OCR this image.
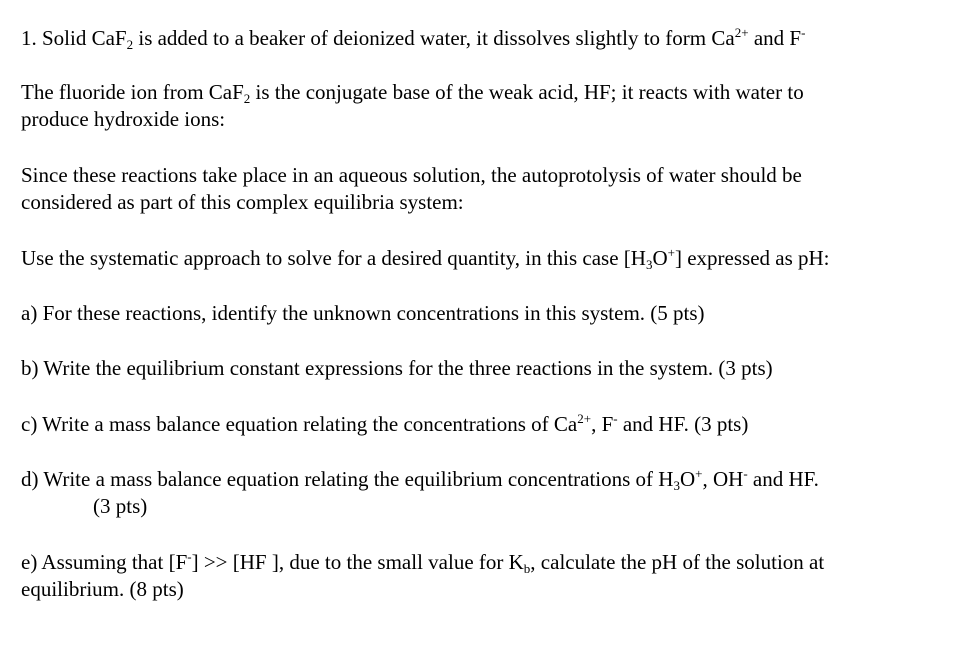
1. Solid CaF$_2$ is added to a beaker of deionized water, it dissolves slightly to form $Ca^{2+}$ and F-

The fluoride ion from CaF$_2$ is the conjugate base of the weak acid, HF; it reacts with water to

produce hydroxide ions:

Since these reactions take place in an aqueous solution, the autoprotolysis of water should be

considered as part of this complex equilibria system:

Use the systematic approach to solve for a desired quantity, in this case $[H_3O^+]$ expressed as pH:

a) For these reactions, identify the unknown concentrations in this system. (5 pts)

b) Write the equilibrium constant expressions for the three reactions in the system. (3 pts)

c) Write a mass balance equation relating the concentrations of $Ca^{2+}$, F- and HF. (3 pts)

d) Write a mass balance equation relating the equilibrium concentrations of $H_3O^+$, OH- and HF.

(3 pts)

e) Assuming that [F-] >> [HF ], due to the small value for $K_b$, calculate the pH of the solution at

equilibrium. (8 pts)
